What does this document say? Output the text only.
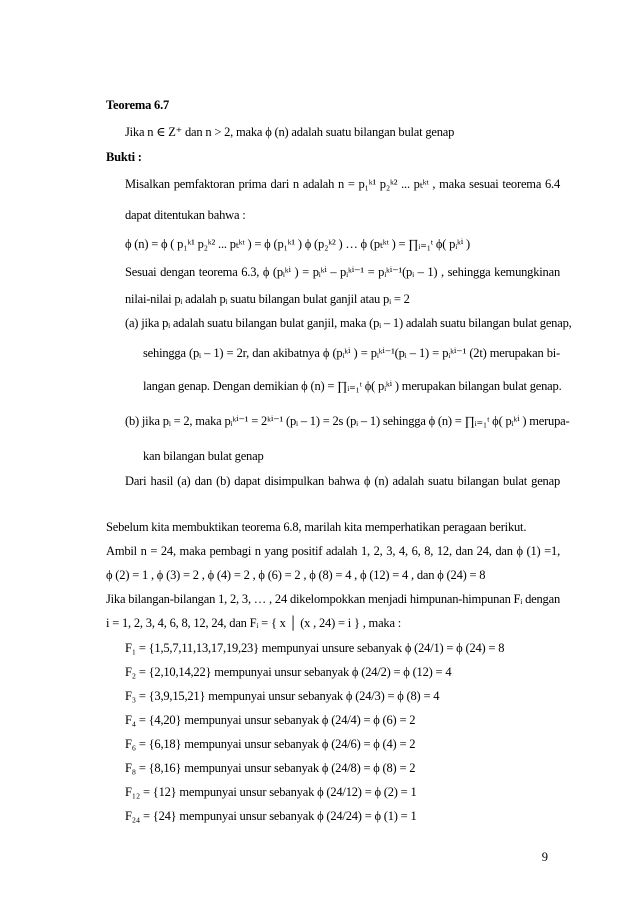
Teorema 6.7
Jika n ∈ Z⁺ dan n > 2, maka ϕ (n) adalah suatu bilangan bulat genap
Bukti :
Misalkan pemfaktoran prima dari n adalah n = p₁ᵏ¹ p₂ᵏ² ... pₜᵏᵗ , maka sesuai teorema 6.4
dapat ditentukan bahwa :
ϕ (n) = ϕ ( p₁ᵏ¹ p₂ᵏ² ... pₜᵏᵗ ) = ϕ (p₁ᵏ¹ ) ϕ (p₂ᵏ² ) … ϕ (pₜᵏᵗ ) = ∏ᵢ₌₁ᵗ ϕ( pᵢᵏⁱ )
Sesuai dengan teorema 6.3, ϕ (pᵢᵏⁱ ) = pᵢᵏⁱ – pᵢᵏⁱ⁻¹ = pᵢᵏⁱ⁻¹(pᵢ – 1) , sehingga kemungkinan
nilai-nilai pᵢ adalah pᵢ suatu bilangan bulat ganjil atau pᵢ = 2
(a) jika pᵢ adalah suatu bilangan bulat ganjil, maka (pᵢ – 1) adalah suatu bilangan bulat genap,
sehingga (pᵢ – 1) = 2r, dan akibatnya ϕ (pᵢᵏⁱ ) = pᵢᵏⁱ⁻¹(pᵢ – 1) = pᵢᵏⁱ⁻¹ (2t) merupakan bi-
langan genap. Dengan demikian ϕ (n) = ∏ᵢ₌₁ᵗ ϕ( pᵢᵏⁱ ) merupakan bilangan bulat genap.
(b) jika pᵢ = 2, maka pᵢᵏⁱ⁻¹ = 2ᵏⁱ⁻¹ (pᵢ – 1) = 2s (pᵢ – 1) sehingga ϕ (n) = ∏ᵢ₌₁ᵗ ϕ( pᵢᵏⁱ ) merupa-
kan bilangan bulat genap
Dari hasil (a) dan (b) dapat disimpulkan bahwa ϕ (n) adalah suatu bilangan bulat genap
Sebelum kita membuktikan teorema 6.8, marilah kita memperhatikan peragaan berikut.
Ambil n = 24, maka pembagi n yang positif adalah 1, 2, 3, 4, 6, 8, 12, dan 24, dan ϕ (1) =1,
ϕ (2) = 1 , ϕ (3) = 2 , ϕ (4) = 2 , ϕ (6) = 2 , ϕ (8) = 4 , ϕ (12) = 4 , dan ϕ (24) = 8
Jika bilangan-bilangan 1, 2, 3, … , 24 dikelompokkan menjadi himpunan-himpunan Fᵢ dengan
i = 1, 2, 3, 4, 6, 8, 12, 24, dan Fᵢ = { x │ (x , 24) = i } , maka :
F₁ = {1,5,7,11,13,17,19,23} mempunyai unsure sebanyak ϕ (24/1) = ϕ (24) = 8
F₂ = {2,10,14,22} mempunyai unsur sebanyak ϕ (24/2) = ϕ (12) = 4
F₃ = {3,9,15,21} mempunyai unsur sebanyak ϕ (24/3) = ϕ (8) = 4
F₄ = {4,20} mempunyai unsur sebanyak ϕ (24/4) = ϕ (6) = 2
F₆ = {6,18} mempunyai unsur sebanyak ϕ (24/6) = ϕ (4) = 2
F₈ = {8,16} mempunyai unsur sebanyak ϕ (24/8) = ϕ (8) = 2
F₁₂ = {12} mempunyai unsur sebanyak ϕ (24/12) = ϕ (2) = 1
F₂₄ = {24} mempunyai unsur sebanyak ϕ (24/24) = ϕ (1) = 1
9
